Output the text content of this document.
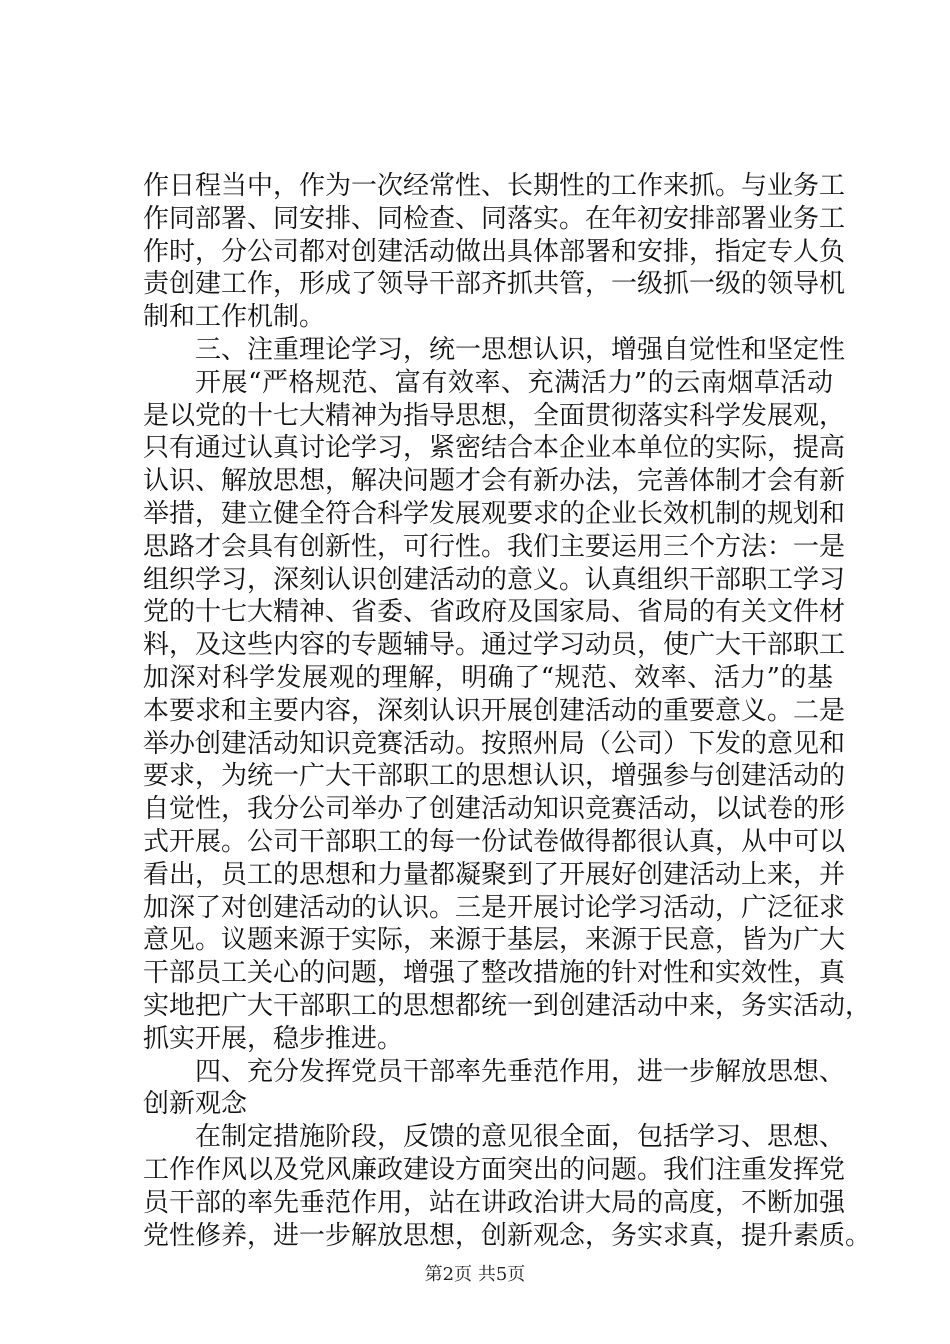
作日程当中，作为一次经常性、长期性的工作来抓。与业务工
作同部署、同安排、同检查、同落实。在年初安排部署业务工
作时，分公司都对创建活动做出具体部署和安排，指定专人负
责创建工作，形成了领导干部齐抓共管，一级抓一级的领导机
制和工作机制。
三、注重理论学习，统一思想认识，增强自觉性和坚定性
开展“严格规范、富有效率、充满活力”的云南烟草活动
是以党的十七大精神为指导思想，全面贯彻落实科学发展观，
只有通过认真讨论学习，紧密结合本企业本单位的实际，提高
认识、解放思想，解决问题才会有新办法，完善体制才会有新
举措，建立健全符合科学发展观要求的企业长效机制的规划和
思路才会具有创新性，可行性。我们主要运用三个方法：一是
组织学习，深刻认识创建活动的意义。认真组织干部职工学习
党的十七大精神、省委、省政府及国家局、省局的有关文件材
料，及这些内容的专题辅导。通过学习动员，使广大干部职工
加深对科学发展观的理解，明确了“规范、效率、活力”的基
本要求和主要内容，深刻认识开展创建活动的重要意义。二是
举办创建活动知识竞赛活动。按照州局（公司）下发的意见和
要求，为统一广大干部职工的思想认识，增强参与创建活动的
自觉性，我分公司举办了创建活动知识竞赛活动，以试卷的形
式开展。公司干部职工的每一份试卷做得都很认真，从中可以
看出，员工的思想和力量都凝聚到了开展好创建活动上来，并
加深了对创建活动的认识。三是开展讨论学习活动，广泛征求
意见。议题来源于实际，来源于基层，来源于民意，皆为广大
干部员工关心的问题，增强了整改措施的针对性和实效性，真
实地把广大干部职工的思想都统一到创建活动中来，务实活动，
抓实开展，稳步推进。
四、充分发挥党员干部率先垂范作用，进一步解放思想、
创新观念
在制定措施阶段，反馈的意见很全面，包括学习、思想、
工作作风以及党风廉政建设方面突出的问题。我们注重发挥党
员干部的率先垂范作用，站在讲政治讲大局的高度，不断加强
党性修养，进一步解放思想，创新观念，务实求真，提升素质。
第2页 共5页
